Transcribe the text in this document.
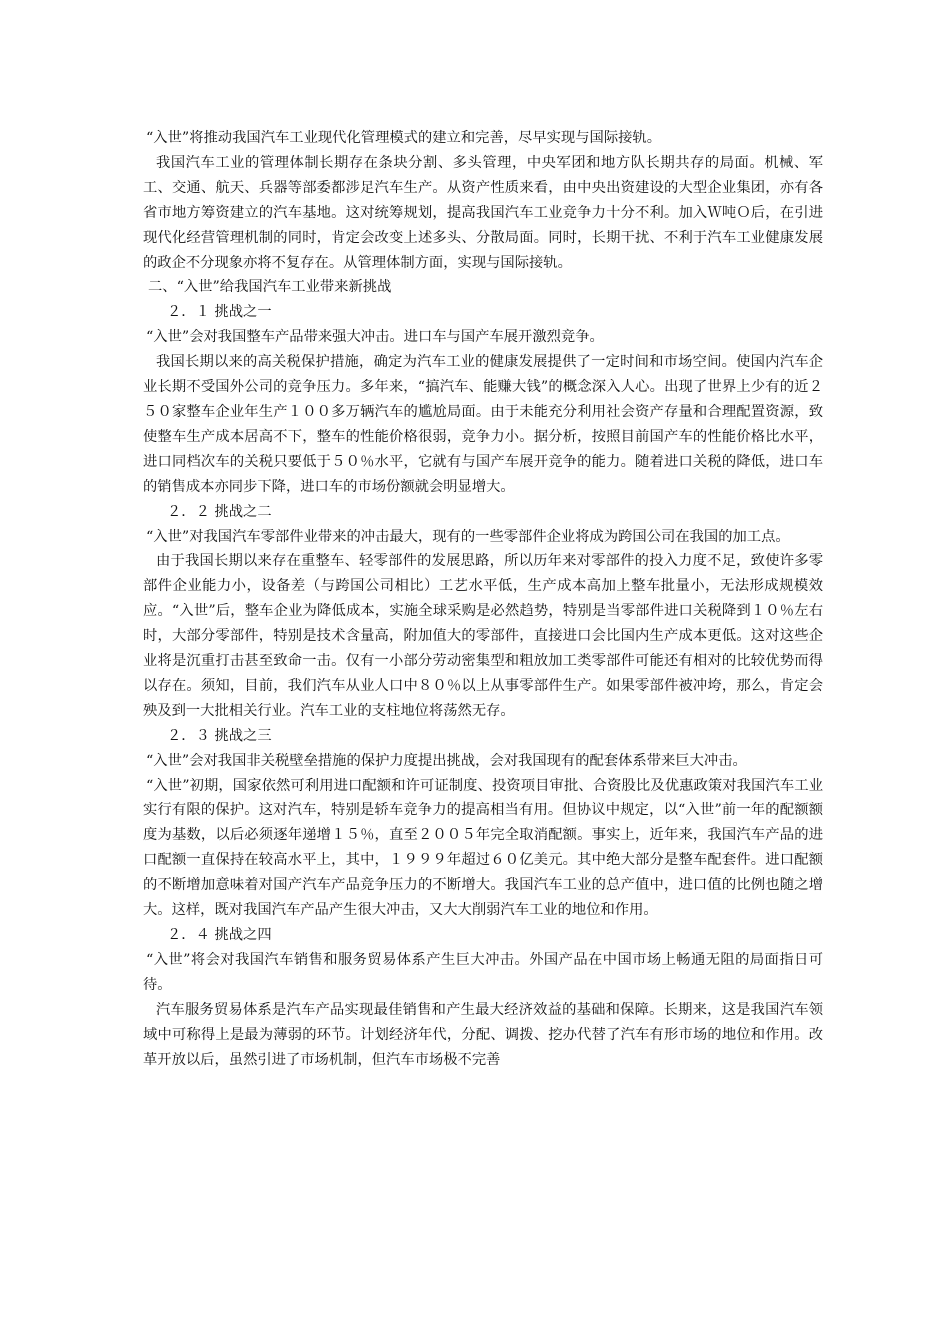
“入世”将推动我国汽车工业现代化管理模式的建立和完善，尽早实现与国际接轨。

我国汽车工业的管理体制长期存在条块分割、多头管理，中央军团和地方队长期共存的局面。机械、军工、交通、航天、兵器等部委都涉足汽车生产。从资产性质来看，由中央出资建设的大型企业集团，亦有各省市地方筹资建立的汽车基地。这对统筹规划，提高我国汽车工业竞争力十分不利。加入Ｗ吨Ｏ后，在引进现代化经营管理机制的同时，肯定会改变上述多头、分散局面。同时，长期干扰、不利于汽车工业健康发展的政企不分现象亦将不复存在。从管理体制方面，实现与国际接轨。

二、“入世”给我国汽车工业带来新挑战

２．１ 挑战之一

“入世”会对我国整车产品带来强大冲击。进口车与国产车展开激烈竞争。

我国长期以来的高关税保护措施，确定为汽车工业的健康发展提供了一定时间和市场空间。使国内汽车企业长期不受国外公司的竞争压力。多年来，“搞汽车、能赚大钱”的概念深入人心。出现了世界上少有的近２５０家整车企业年生产１００多万辆汽车的尴尬局面。由于未能充分利用社会资产存量和合理配置资源，致使整车生产成本居高不下，整车的性能价格很弱，竞争力小。据分析，按照目前国产车的性能价格比水平，进口同档次车的关税只要低于５０％水平，它就有与国产车展开竞争的能力。随着进口关税的降低，进口车的销售成本亦同步下降，进口车的市场份额就会明显增大。

２．２ 挑战之二

“入世”对我国汽车零部件业带来的冲击最大，现有的一些零部件企业将成为跨国公司在我国的加工点。

由于我国长期以来存在重整车、轻零部件的发展思路，所以历年来对零部件的投入力度不足，致使许多零部件企业能力小，设备差（与跨国公司相比）工艺水平低，生产成本高加上整车批量小，无法形成规模效应。“入世”后，整车企业为降低成本，实施全球采购是必然趋势，特别是当零部件进口关税降到１０％左右时，大部分零部件，特别是技术含量高，附加值大的零部件，直接进口会比国内生产成本更低。这对这些企业将是沉重打击甚至致命一击。仅有一小部分劳动密集型和粗放加工类零部件可能还有相对的比较优势而得以存在。须知，目前，我们汽车从业人口中８０％以上从事零部件生产。如果零部件被冲垮，那么，肯定会殃及到一大批相关行业。汽车工业的支柱地位将荡然无存。

２．３ 挑战之三

“入世”会对我国非关税壁垒措施的保护力度提出挑战，会对我国现有的配套体系带来巨大冲击。

“入世”初期，国家依然可利用进口配额和许可证制度、投资项目审批、合资股比及优惠政策对我国汽车工业实行有限的保护。这对汽车，特别是轿车竞争力的提高相当有用。但协议中规定，以“入世”前一年的配额额度为基数，以后必须逐年递增１５％，直至２００５年完全取消配额。事实上，近年来，我国汽车产品的进口配额一直保持在较高水平上，其中，１９９９年超过６０亿美元。其中绝大部分是整车配套件。进口配额的不断增加意味着对国产汽车产品竞争压力的不断增大。我国汽车工业的总产值中，进口值的比例也随之增大。这样，既对我国汽车产品产生很大冲击，又大大削弱汽车工业的地位和作用。

２．４ 挑战之四

“入世”将会对我国汽车销售和服务贸易体系产生巨大冲击。外国产品在中国市场上畅通无阻的局面指日可待。

汽车服务贸易体系是汽车产品实现最佳销售和产生最大经济效益的基础和保障。长期来，这是我国汽车领域中可称得上是最为薄弱的环节。计划经济年代，分配、调拨、挖办代替了汽车有形市场的地位和作用。改革开放以后，虽然引进了市场机制，但汽车市场极不完善
